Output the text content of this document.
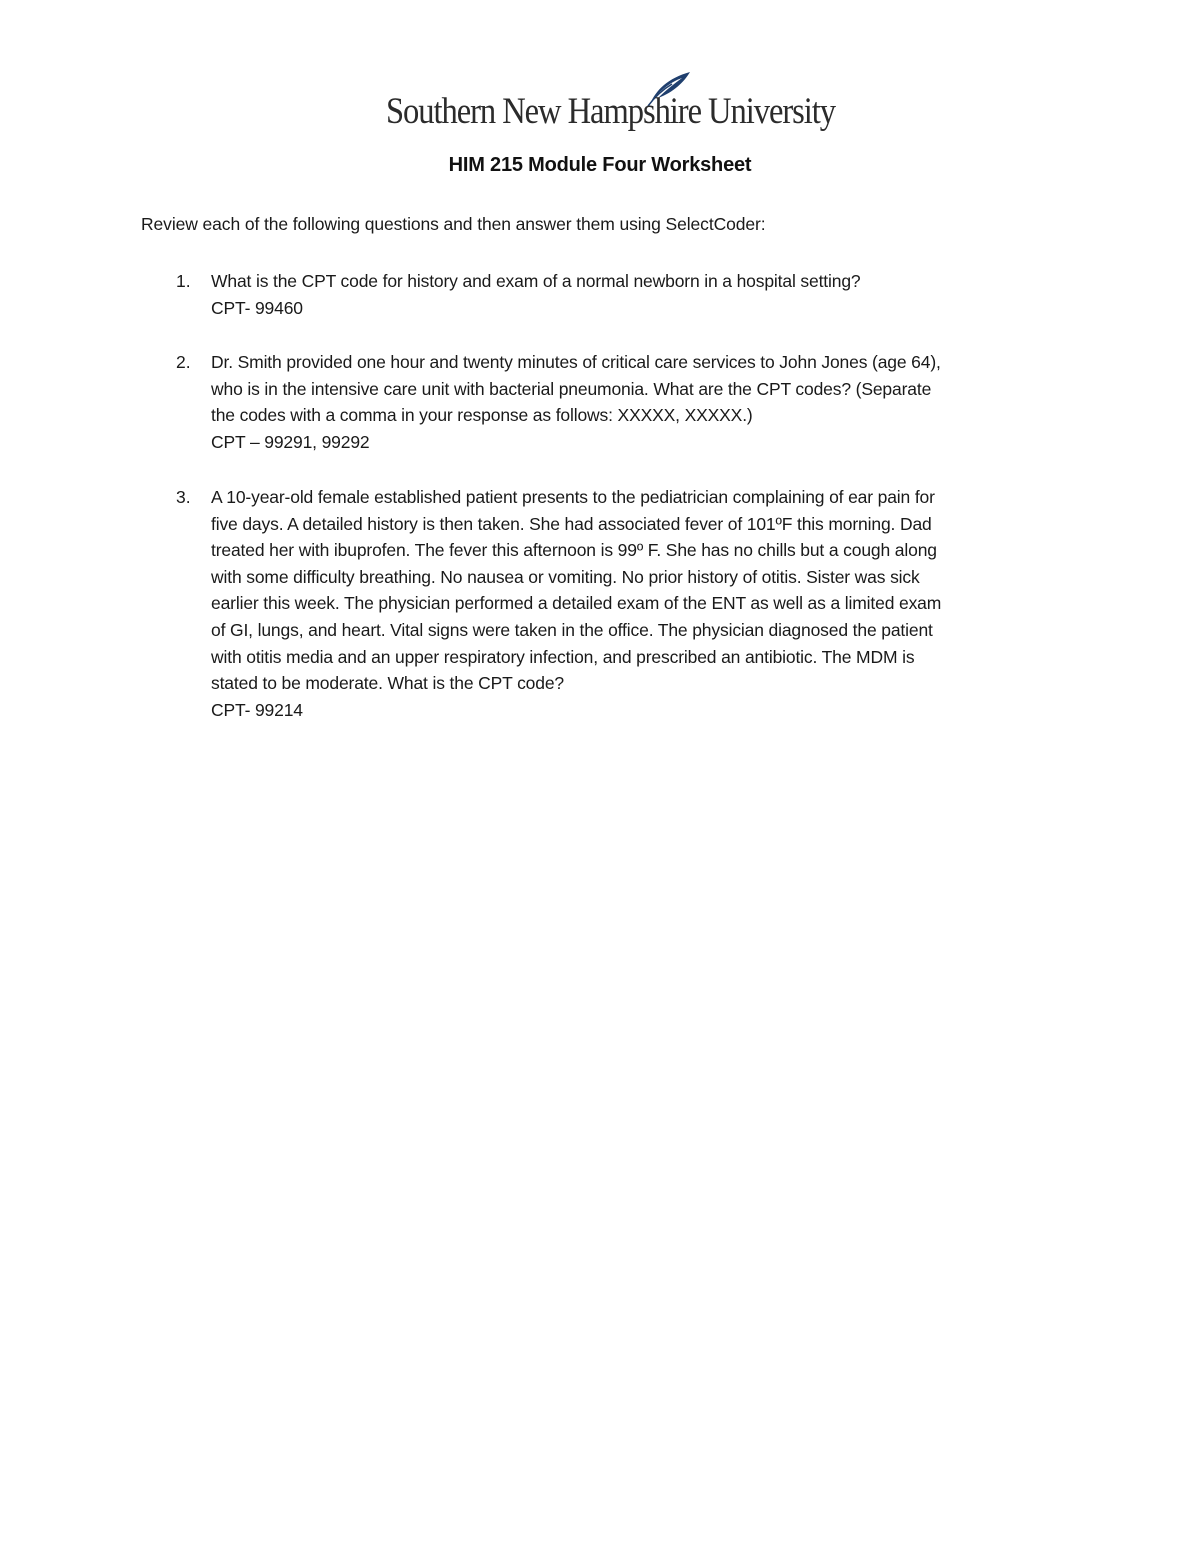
Southern New Hampshire University
HIM 215 Module Four Worksheet
Review each of the following questions and then answer them using SelectCoder:
1. What is the CPT code for history and exam of a normal newborn in a hospital setting?
CPT- 99460
2. Dr. Smith provided one hour and twenty minutes of critical care services to John Jones (age 64),
who is in the intensive care unit with bacterial pneumonia. What are the CPT codes? (Separate
the codes with a comma in your response as follows: XXXXX, XXXXX.)
CPT – 99291, 99292
3. A 10-year-old female established patient presents to the pediatrician complaining of ear pain for
five days. A detailed history is then taken. She had associated fever of 101ºF this morning. Dad
treated her with ibuprofen. The fever this afternoon is 99º F. She has no chills but a cough along
with some difficulty breathing. No nausea or vomiting. No prior history of otitis. Sister was sick
earlier this week. The physician performed a detailed exam of the ENT as well as a limited exam
of GI, lungs, and heart. Vital signs were taken in the office. The physician diagnosed the patient
with otitis media and an upper respiratory infection, and prescribed an antibiotic. The MDM is
stated to be moderate. What is the CPT code?
CPT- 99214
